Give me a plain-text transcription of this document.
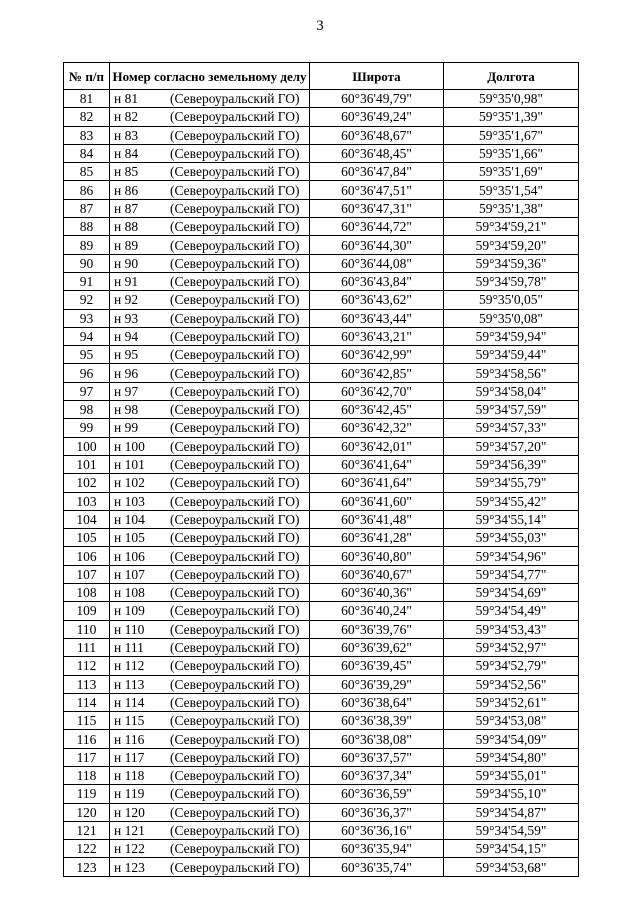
3
№ п/п	Номер согласно земельному делу	Широта	Долгота
81	н 81 (Североуральский ГО)	60°36'49,79"	59°35'0,98"
82	н 82 (Североуральский ГО)	60°36'49,24"	59°35'1,39"
83	н 83 (Североуральский ГО)	60°36'48,67"	59°35'1,67"
84	н 84 (Североуральский ГО)	60°36'48,45"	59°35'1,66"
85	н 85 (Североуральский ГО)	60°36'47,84"	59°35'1,69"
86	н 86 (Североуральский ГО)	60°36'47,51"	59°35'1,54"
87	н 87 (Североуральский ГО)	60°36'47,31"	59°35'1,38"
88	н 88 (Североуральский ГО)	60°36'44,72"	59°34'59,21"
89	н 89 (Североуральский ГО)	60°36'44,30"	59°34'59,20"
90	н 90 (Североуральский ГО)	60°36'44,08"	59°34'59,36"
91	н 91 (Североуральский ГО)	60°36'43,84"	59°34'59,78"
92	н 92 (Североуральский ГО)	60°36'43,62"	59°35'0,05"
93	н 93 (Североуральский ГО)	60°36'43,44"	59°35'0,08"
94	н 94 (Североуральский ГО)	60°36'43,21"	59°34'59,94"
95	н 95 (Североуральский ГО)	60°36'42,99"	59°34'59,44"
96	н 96 (Североуральский ГО)	60°36'42,85"	59°34'58,56"
97	н 97 (Североуральский ГО)	60°36'42,70"	59°34'58,04"
98	н 98 (Североуральский ГО)	60°36'42,45"	59°34'57,59"
99	н 99 (Североуральский ГО)	60°36'42,32"	59°34'57,33"
100	н 100 (Североуральский ГО)	60°36'42,01"	59°34'57,20"
101	н 101 (Североуральский ГО)	60°36'41,64"	59°34'56,39"
102	н 102 (Североуральский ГО)	60°36'41,64"	59°34'55,79"
103	н 103 (Североуральский ГО)	60°36'41,60"	59°34'55,42"
104	н 104 (Североуральский ГО)	60°36'41,48"	59°34'55,14"
105	н 105 (Североуральский ГО)	60°36'41,28"	59°34'55,03"
106	н 106 (Североуральский ГО)	60°36'40,80"	59°34'54,96"
107	н 107 (Североуральский ГО)	60°36'40,67"	59°34'54,77"
108	н 108 (Североуральский ГО)	60°36'40,36"	59°34'54,69"
109	н 109 (Североуральский ГО)	60°36'40,24"	59°34'54,49"
110	н 110 (Североуральский ГО)	60°36'39,76"	59°34'53,43"
111	н 111 (Североуральский ГО)	60°36'39,62"	59°34'52,97"
112	н 112 (Североуральский ГО)	60°36'39,45"	59°34'52,79"
113	н 113 (Североуральский ГО)	60°36'39,29"	59°34'52,56"
114	н 114 (Североуральский ГО)	60°36'38,64"	59°34'52,61"
115	н 115 (Североуральский ГО)	60°36'38,39"	59°34'53,08"
116	н 116 (Североуральский ГО)	60°36'38,08"	59°34'54,09"
117	н 117 (Североуральский ГО)	60°36'37,57"	59°34'54,80"
118	н 118 (Североуральский ГО)	60°36'37,34"	59°34'55,01"
119	н 119 (Североуральский ГО)	60°36'36,59"	59°34'55,10"
120	н 120 (Североуральский ГО)	60°36'36,37"	59°34'54,87"
121	н 121 (Североуральский ГО)	60°36'36,16"	59°34'54,59"
122	н 122 (Североуральский ГО)	60°36'35,94"	59°34'54,15"
123	н 123 (Североуральский ГО)	60°36'35,74"	59°34'53,68"
